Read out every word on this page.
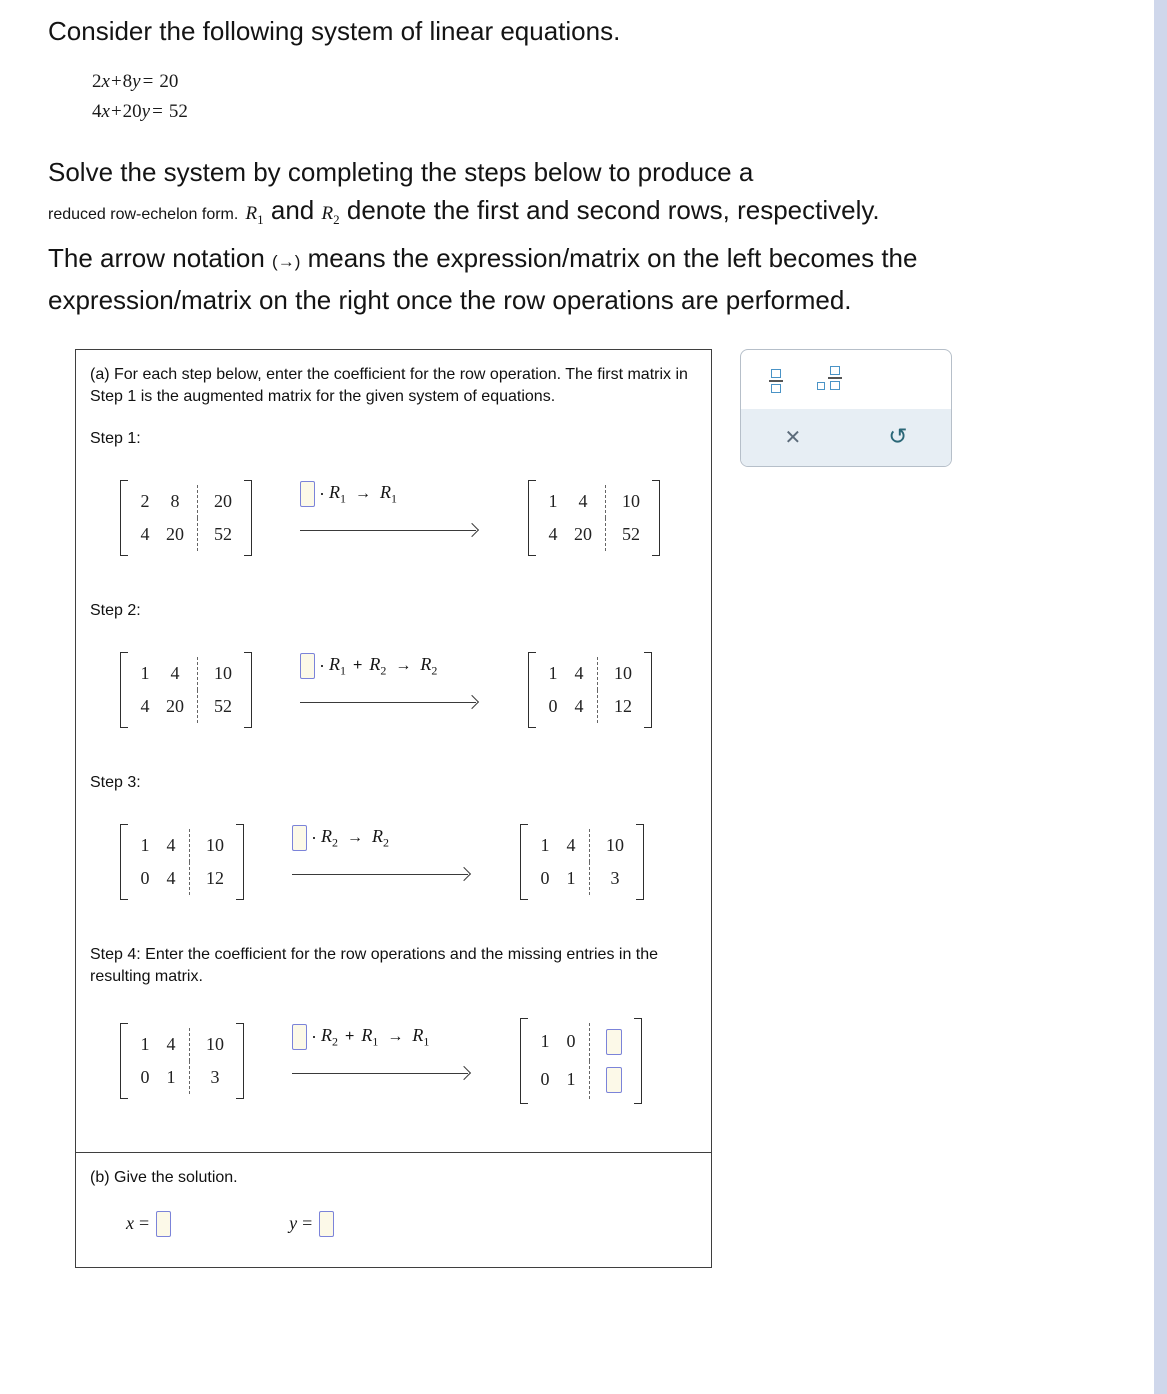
Consider the following system of linear equations.
2x+8y = 20
4x+20y = 52
Solve the system by completing the steps below to produce a
reduced row-echelon form. $R_1$ and $R_2$ denote the first and second rows, respectively.
The arrow notation (→) means the expression/matrix on the left becomes the expression/matrix on the right once the row operations are performed.
(a) For each step below, enter the coefficient for the row operation. The first matrix in Step 1 is the augmented matrix for the given system of equations.
Step 1:
2	8	20
4 20	52
· $R_1 \to R_1$	1	4	10
4 20	52
Step 2:
1	4	10
4 20	52
· $R_1 + R_2 \to R_2$	1 4	10
0 4	12
Step 3:
1 4	10
0 4	12
· $R_2 \to R_2$	1 4	10
0 1	3
Step 4: Enter the coefficient for the row operations and the missing entries in the resulting matrix.
1 4	10
0 1	3
· $R_2 + R_1 \to R_1$	1 0
0 1
(b) Give the solution.
x =	y =
✕	↺
